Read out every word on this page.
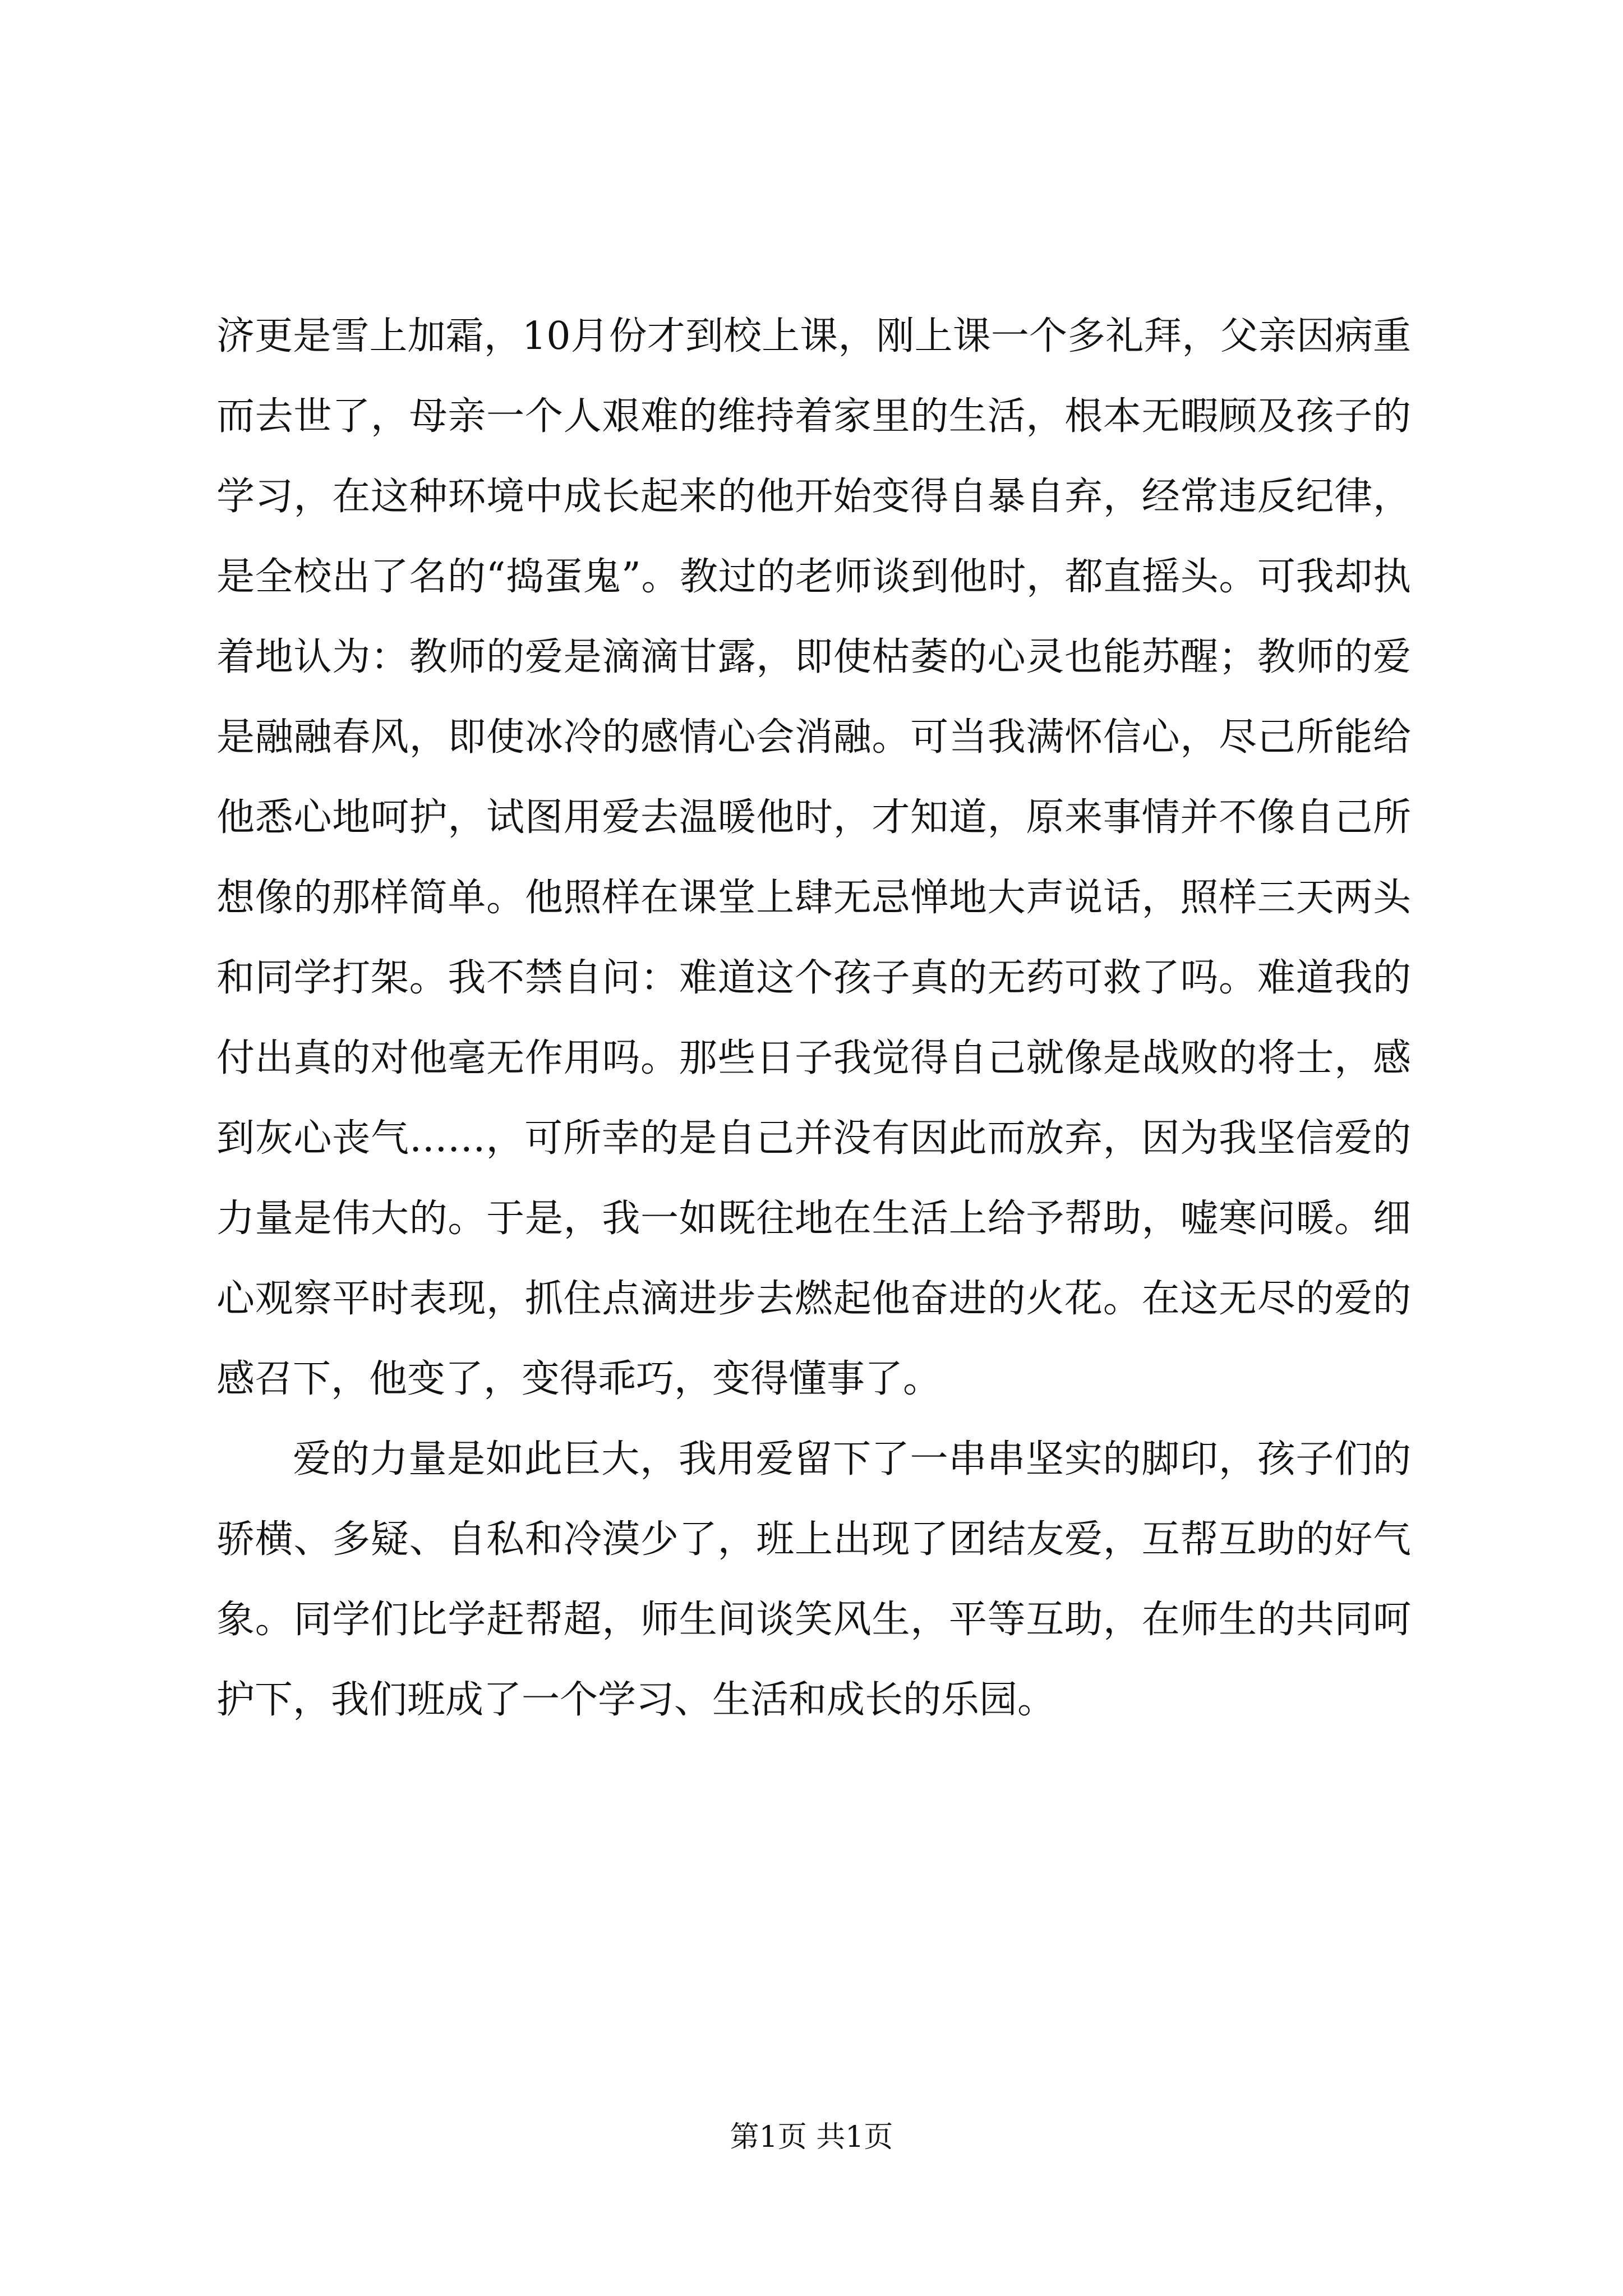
济更是雪上加霜，10月份才到校上课，刚上课一个多礼拜，父亲因病重而去世了，母亲一个人艰难的维持着家里的生活，根本无暇顾及孩子的学习，在这种环境中成长起来的他开始变得自暴自弃，经常违反纪律，是全校出了名的“捣蛋鬼”。教过的老师谈到他时，都直摇头。可我却执着地认为：教师的爱是滴滴甘露，即使枯萎的心灵也能苏醒；教师的爱是融融春风，即使冰冷的感情心会消融。可当我满怀信心，尽己所能给他悉心地呵护，试图用爱去温暖他时，才知道，原来事情并不像自己所想像的那样简单。他照样在课堂上肆无忌惮地大声说话，照样三天两头和同学打架。我不禁自问：难道这个孩子真的无药可救了吗。难道我的付出真的对他毫无作用吗。那些日子我觉得自己就像是战败的将士，感到灰心丧气……，可所幸的是自己并没有因此而放弃，因为我坚信爱的力量是伟大的。于是，我一如既往地在生活上给予帮助，嘘寒问暖。细心观察平时表现，抓住点滴进步去燃起他奋进的火花。在这无尽的爱的感召下，他变了，变得乖巧，变得懂事了。

爱的力量是如此巨大，我用爱留下了一串串坚实的脚印，孩子们的骄横、多疑、自私和冷漠少了，班上出现了团结友爱，互帮互助的好气象。同学们比学赶帮超，师生间谈笑风生，平等互助，在师生的共同呵护下，我们班成了一个学习、生活和成长的乐园。

第1页 共1页
